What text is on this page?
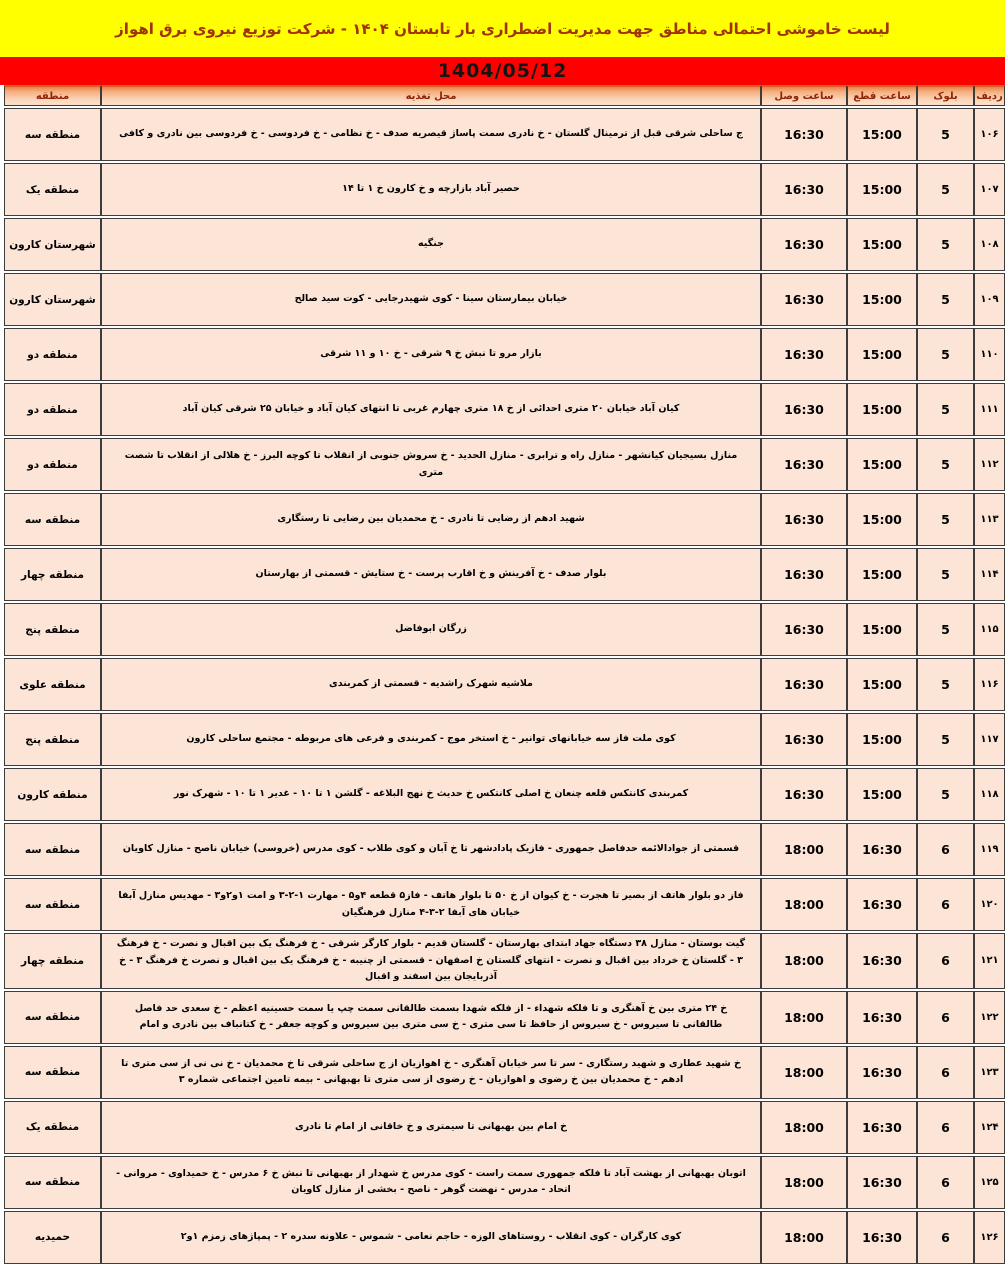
لیست خاموشی احتمالی مناطق جهت مدیریت اضطراری بار تابستان ۱۴۰۴ - شرکت توزیع نیروی برق اهواز
1404/05/12
ردیف	بلوک	ساعت قطع	ساعت وصل	محل تغذیه	منطقه
۱۰۶	5	15:00	16:30	ج ساحلی شرقی قبل از ترمینال گلستان - خ نادری سمت پاساژ قیصریه صدف - خ نظامی - خ فردوسی - خ فردوسی بین نادری و کافی	منطقه سه
۱۰۷	5	15:00	16:30	حصیر آباد بازارچه و خ کارون خ ۱ تا ۱۴	منطقه یک
۱۰۸	5	15:00	16:30	جنگیه	شهرستان کارون
۱۰۹	5	15:00	16:30	خیابان بیمارستان سینا - کوی شهیدرجایی - کوت سید صالح	شهرستان کارون
۱۱۰	5	15:00	16:30	بازار مرو تا نبش خ ۹ شرقی - خ ۱۰ و ۱۱ شرقی	منطقه دو
۱۱۱	5	15:00	16:30	کیان آباد خیابان ۲۰ متری احدائی از خ ۱۸ متری چهارم غربی تا انتهای کیان آباد و خیابان ۲۵ شرقی کیان آباد	منطقه دو
۱۱۲	5	15:00	16:30	منازل بسیجیان کیانشهر - منازل راه و ترابری - منازل الحدید - خ سروش جنوبی از انقلاب تا کوچه البرز - خ هلالی از انقلاب تا شصت متری	منطقه دو
۱۱۳	5	15:00	16:30	شهید ادهم از رضایی تا نادری - خ محمدیان بین رضایی تا رستگاری	منطقه سه
۱۱۴	5	15:00	16:30	بلوار صدف - خ آفرینش و خ اقارب پرست - خ ستایش - قسمتی از بهارستان	منطقه چهار
۱۱۵	5	15:00	16:30	زرگان ابوفاضل	منطقه پنج
۱۱۶	5	15:00	16:30	ملاشیه شهرک راشدیه - قسمتی از کمربندی	منطقه علوی
۱۱۷	5	15:00	16:30	کوی ملت فاز سه خیابانهای توانیر - خ استخر موج - کمربندی و فرعی های مربوطه - مجتمع ساحلی کارون	منطقه پنج
۱۱۸	5	15:00	16:30	کمربندی کانتکس قلعه چنعان خ اصلی کانتکس خ حدیث خ نهج البلاغه - گلشن ۱ تا ۱۰ - غدیر ۱ تا ۱۰ - شهرک نور	منطقه کارون
۱۱۹	6	16:30	18:00	قسمتی از جوادالائمه حدفاصل جمهوری - فازیک پادادشهر تا خ آبان و کوی طلاب - کوی مدرس (خروسی) خیابان ناصح - منازل کاویان	منطقه سه
۱۲۰	6	16:30	18:00	فاز دو بلوار هاتف از بصیر تا هجرت - خ کیوان از خ ۵۰ تا بلوار هاتف - فاز۵ قطعه ۴و۵ - مهارت ۱-۲-۳ و امت ۱و۲و۳ - مهدیس منازل آبفا خیابان های آبفا ۲-۳-۴ منازل فرهنگیان	منطقه سه
۱۲۱	6	16:30	18:00	گیت بوستان - منازل ۳۸ دستگاه جهاد ابتدای بهارستان - گلستان قدیم - بلوار کارگر شرقی - خ فرهنگ یک بین اقبال و نصرت - خ فرهنگ ۳ - گلستان خ خرداد بین اقبال و نصرت - انتهای گلستان خ اصفهان - قسمتی از چنیبه - خ فرهنگ یک بین اقبال و نصرت خ فرهنگ ۳ - خ آذربایجان بین اسفند و اقبال	منطقه چهار
۱۲۲	6	16:30	18:00	خ ۲۴ متری بین خ آهنگری و تا فلکه شهداء - از فلکه شهدا بسمت طالقانی سمت چپ یا سمت حسینیه اعظم - خ سعدی حد فاصل طالقانی تا سیروس - خ سیروس از حافظ تا سی متری - خ سی متری بین سیروس و کوچه جعفر - خ کتانباف بین نادری و امام	منطقه سه
۱۲۳	6	16:30	18:00	خ شهید عطاری و شهید رستگاری - سر تا سر خیابان آهنگری - خ اهوازیان از ج ساحلی شرقی تا خ محمدیان - خ نی نی از سی متری تا ادهم - خ محمدیان بین خ رضوی و اهوازیان - خ رضوی از سی متری تا بهبهانی - بیمه تامین اجتماعی شماره ۳	منطقه سه
۱۲۴	6	16:30	18:00	خ امام بین بهبهانی تا سیمتری و خ خاقانی از امام تا نادری	منطقه یک
۱۲۵	6	16:30	18:00	اتوبان بهبهانی از بهشت آباد تا فلکه جمهوری سمت راست - کوی مدرس خ شهدار از بهبهانی تا نبش خ ۶ مدرس - خ حمیداوی - مروانی - اتحاد - مدرس - نهضت گوهر - ناصح - بخشی از منازل کاویان	منطقه سه
۱۲۶	6	16:30	18:00	کوی کارگران - کوی انقلاب - روستاهای الوزه - حاجم نعامی - شموس - علاونه سدره ۲ - پمپاژهای زمزم ۱و۲	حمیدیه
